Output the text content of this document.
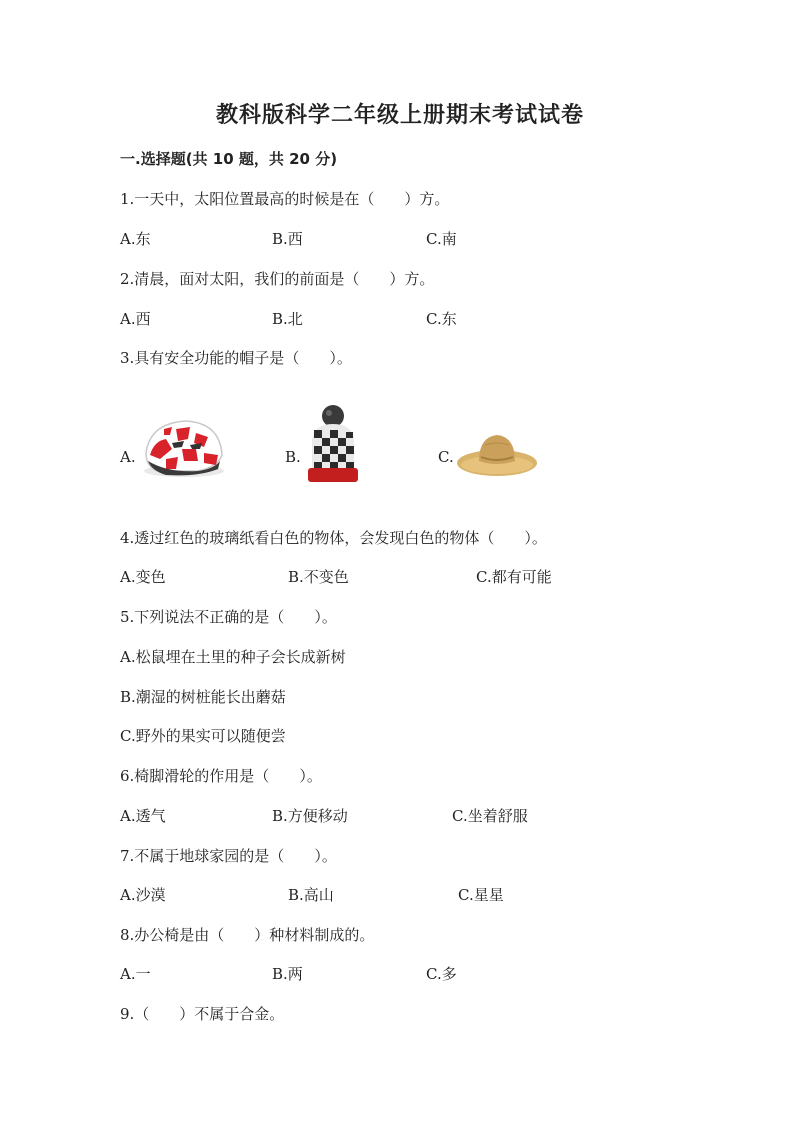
教科版科学二年级上册期末考试试卷
一.选择题(共 10 题，共 20 分)
1.一天中，太阳位置最高的时候是在（　　）方。
A.东	B.西	C.南
2.清晨，面对太阳，我们的前面是（　　）方。
A.西	B.北	C.东
3.具有安全功能的帽子是（　　）。
A.	B.	C.
4.透过红色的玻璃纸看白色的物体，会发现白色的物体（　　）。
A.变色	B.不变色	C.都有可能
5.下列说法不正确的是（　　）。
A.松鼠埋在土里的种子会长成新树
B.潮湿的树桩能长出蘑菇
C.野外的果实可以随便尝
6.椅脚滑轮的作用是（　　）。
A.透气	B.方便移动	C.坐着舒服
7.不属于地球家园的是（　　）。
A.沙漠	B.高山	C.星星
8.办公椅是由（　　）种材料制成的。
A.一	B.两	C.多
9.（　　）不属于合金。
